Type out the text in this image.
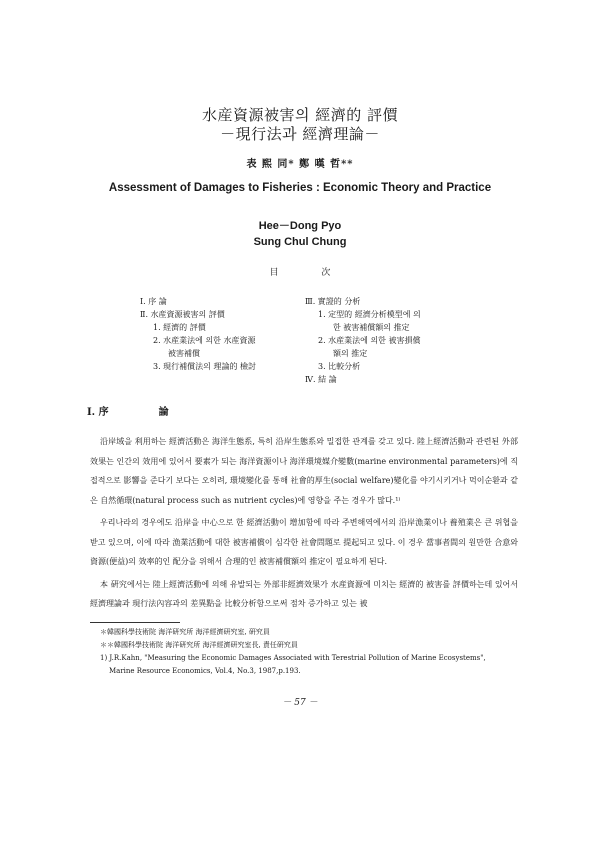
水産資源被害의 經濟的 評價
－現行法과 經濟理論－
表 熙 同* 鄭 嘆 哲**
Assessment of Damages to Fisheries : Economic Theory and Practice
Hee－Dong Pyo
Sung Chul Chung
目 次
Ⅰ. 序 論
Ⅱ. 水産資源被害의 評價
1. 經濟的 評價
2. 水産業法에 의한 水産資源
被害補償
3. 現行補償法의 理論的 檢討
Ⅲ. 實證的 分析
1. 定型的 經濟分析模型에 의
한 被害補償額의 推定
2. 水産業法에 의한 被害損償
額의 推定
3. 比較分析
Ⅳ. 結 論
Ⅰ. 序	論

沿岸域을 利用하는 經濟活動은 海洋生態系, 특히 沿岸生態系와 밀접한 관계를 갖고 있다. 陸上經濟活動과 관련된 外部效果는 인간의 效用에 있어서 要素가 되는 海洋資源이나 海洋環境媒介變數(marine environmental parameters)에 직접적으로 影響을 준다기 보다는 오히려, 環境變化를 통해 社會的厚生(social welfare)變化를 야기시키거나 먹이순환과 같은 自然循環(natural process such as nutrient cycles)에 영향을 주는 경우가 많다.¹⁾

우리나라의 경우에도 沿岸을 中心으로 한 經濟活動이 增加함에 따라 주변해역에서의 沿岸漁業이나 養殖業은 큰 위협을 받고 있으며, 이에 따라 漁業活動에 대한 被害補償이 심각한 社會問題로 提起되고 있다. 이 경우 當事者間의 원만한 合意와 資源(便益)의 效率的인 配分을 위해서 合理的인 被害補償額의 推定이 필요하게 된다.

本 硏究에서는 陸上經濟活動에 의해 유발되는 外部非經濟效果가 水産資源에 미치는 經濟的 被害를 評價하는데 있어서 經濟理論과 現行法內容과의 差異點을 比較分析함으로써 점차 증가하고 있는 被

＊韓國科學技術院 海洋硏究所 海洋經濟硏究室, 硏究員
＊＊韓國科學技術院 海洋硏究所 海洋經濟硏究室長, 責任硏究員
1) J.R.Kahn, "Measuring the Economic Damages Associated with Terestrial Pollution of Marine Ecosystems",
Marine Resource Economics, Vol.4, No.3, 1987,p.193.
－ 57 －
